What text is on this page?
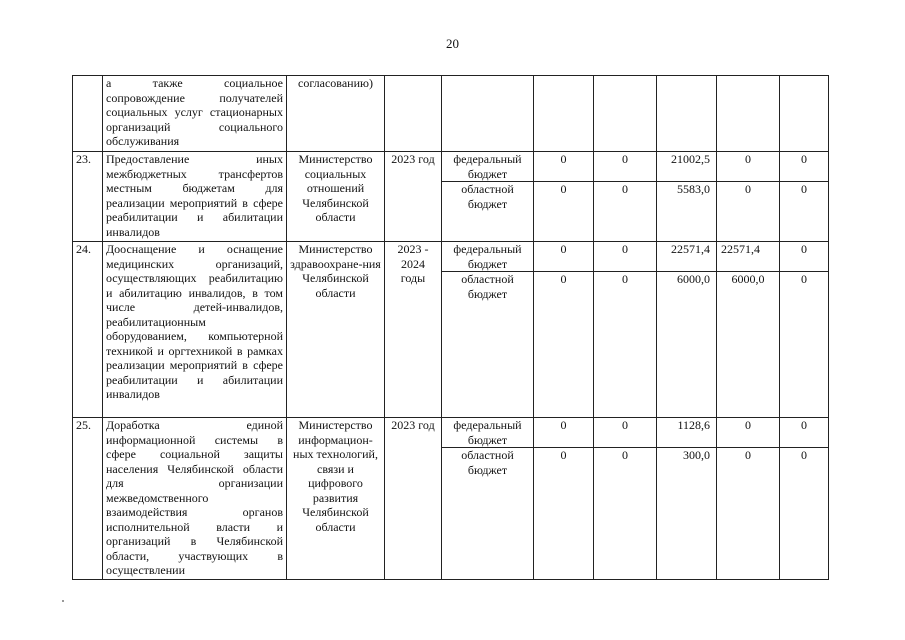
20
	а также социальное сопровождение получателей социальных услуг стационарных организаций социального обслуживания	согласованию)							
23.	Предоставление иных межбюджетных трансфертов местным бюджетам для реализации мероприятий в сфере реабилитации и абилитации инвалидов	Министерство социальных отношений Челябинской области	2023 год	федеральный бюджет	0	0	21002,5	0	0
				областной бюджет	0	0	5583,0	0	0
24.	Дооснащение и оснащение медицинских организаций, осуществляющих реабилитацию и абилитацию инвалидов, в том числе детей-инвалидов, реабилитационным оборудованием, компьютерной техникой и оргтехникой в рамках реализации мероприятий в сфере реабилитации и абилитации инвалидов	Министерство здравоохране-ния Челябинской области	2023 - 2024 годы	федеральный бюджет	0	0	22571,4	22571,4	0
				областной бюджет	0	0	6000,0	6000,0	0
25.	Доработка единой информационной системы в сфере социальной защиты населения Челябинской области для организации межведомственного взаимодействия органов исполнительной власти и организаций в Челябинской области, участвующих в осуществлении	Министерство информацион-ных технологий, связи и цифрового развития Челябинской области	2023 год	федеральный бюджет	0	0	1128,6	0	0
				областной бюджет	0	0	300,0	0	0
